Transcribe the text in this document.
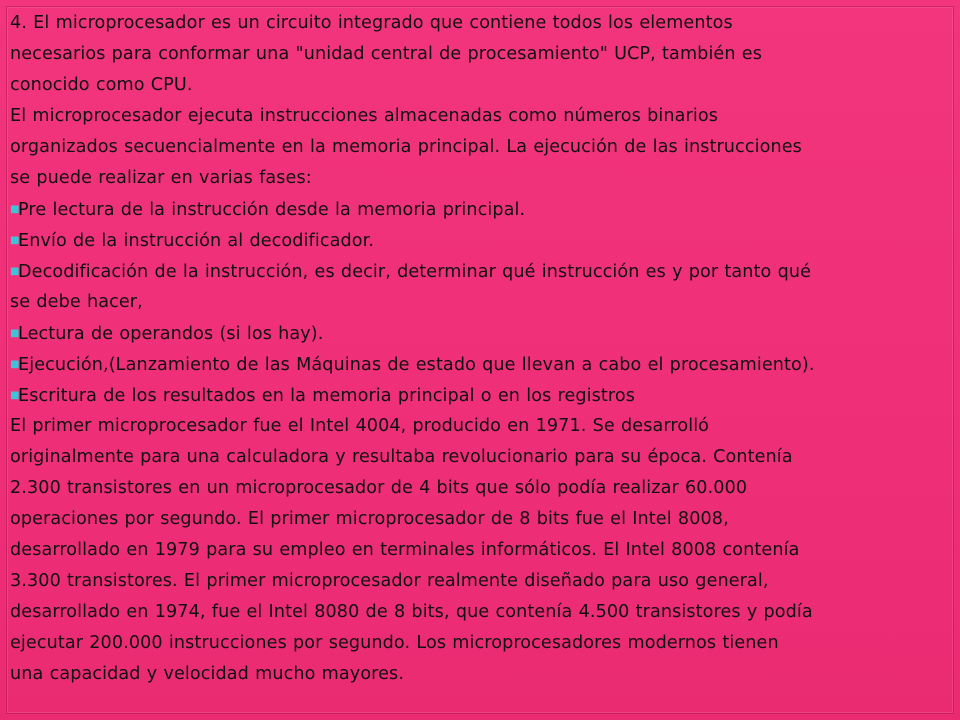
4. El microprocesador es un circuito integrado que contiene todos los elementos
necesarios para conformar una "unidad central de procesamiento" UCP, también es
conocido como CPU.
El microprocesador ejecuta instrucciones almacenadas como números binarios
organizados secuencialmente en la memoria principal. La ejecución de las instrucciones
se puede realizar en varias fases:
■Pre lectura de la instrucción desde la memoria principal.
■Envío de la instrucción al decodificador.
■Decodificación de la instrucción, es decir, determinar qué instrucción es y por tanto qué
se debe hacer,
■Lectura de operandos (si los hay).
■Ejecución,(Lanzamiento de las Máquinas de estado que llevan a cabo el procesamiento).
■Escritura de los resultados en la memoria principal o en los registros
El primer microprocesador fue el Intel 4004, producido en 1971. Se desarrolló
originalmente para una calculadora y resultaba revolucionario para su época. Contenía
2.300 transistores en un microprocesador de 4 bits que sólo podía realizar 60.000
operaciones por segundo. El primer microprocesador de 8 bits fue el Intel 8008,
desarrollado en 1979 para su empleo en terminales informáticos. El Intel 8008 contenía
3.300 transistores. El primer microprocesador realmente diseñado para uso general,
desarrollado en 1974, fue el Intel 8080 de 8 bits, que contenía 4.500 transistores y podía
ejecutar 200.000 instrucciones por segundo. Los microprocesadores modernos tienen
una capacidad y velocidad mucho mayores.
